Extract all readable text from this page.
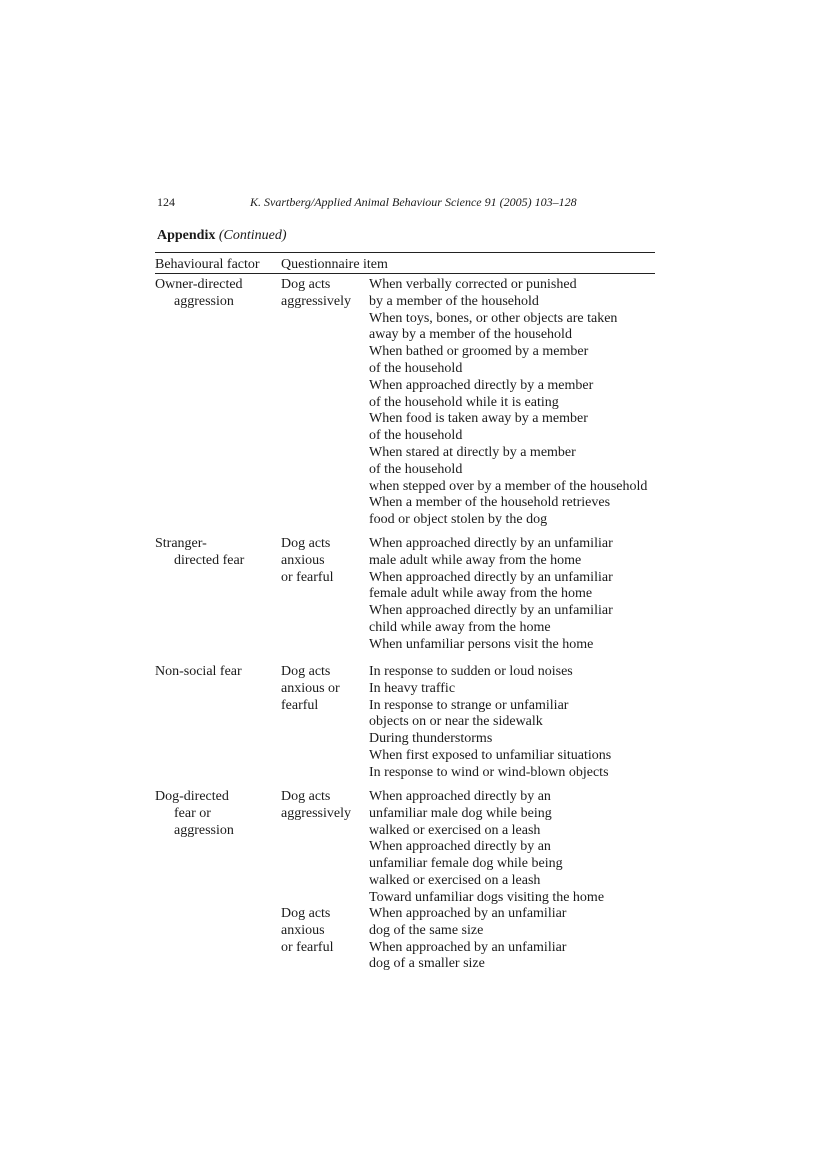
124	K. Svartberg/Applied Animal Behaviour Science 91 (2005) 103–128
Appendix (Continued)
Behavioural factor Questionnaire item
Owner-directed
aggression
Dog acts
aggressively
When verbally corrected or punished
by a member of the household
When toys, bones, or other objects are taken
away by a member of the household
When bathed or groomed by a member
of the household
When approached directly by a member
of the household while it is eating
When food is taken away by a member
of the household
When stared at directly by a member
of the household
when stepped over by a member of the household
When a member of the household retrieves
food or object stolen by the dog
Stranger-
directed fear
Dog acts
anxious
or fearful
When approached directly by an unfamiliar
male adult while away from the home
When approached directly by an unfamiliar
female adult while away from the home
When approached directly by an unfamiliar
child while away from the home
When unfamiliar persons visit the home
Non-social fear	Dog acts
anxious or
fearful
In response to sudden or loud noises
In heavy traffic
In response to strange or unfamiliar
objects on or near the sidewalk
During thunderstorms
When first exposed to unfamiliar situations
In response to wind or wind-blown objects
Dog-directed
fear or
aggression
Dog acts
aggressively
When approached directly by an
unfamiliar male dog while being
walked or exercised on a leash
When approached directly by an
unfamiliar female dog while being
walked or exercised on a leash
Toward unfamiliar dogs visiting the home
Dog acts
anxious
or fearful
When approached by an unfamiliar
dog of the same size
When approached by an unfamiliar
dog of a smaller size
